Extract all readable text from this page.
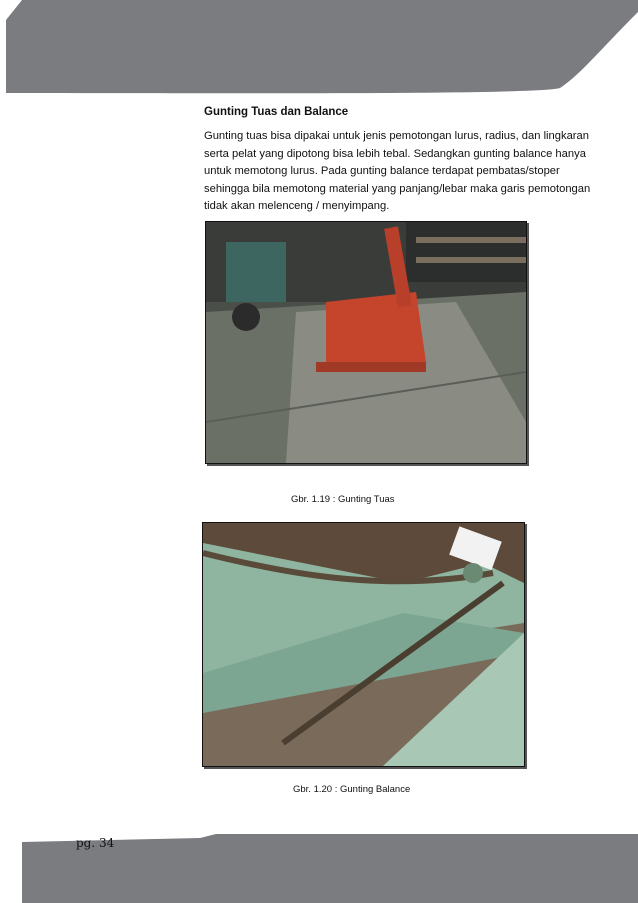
Gunting Tuas dan Balance

Gunting tuas bisa dipakai untuk jenis pemotongan lurus, radius, dan lingkaran serta pelat yang dipotong bisa lebih tebal. Sedangkan gunting balance hanya untuk memotong lurus. Pada gunting balance terdapat pembatas/stoper sehingga bila memotong material yang panjang/lebar maka garis pemotongan tidak akan melenceng / menyimpang.

Gbr. 1.19 : Gunting Tuas
Gbr. 1.20 : Gunting Balance
pg. 34
